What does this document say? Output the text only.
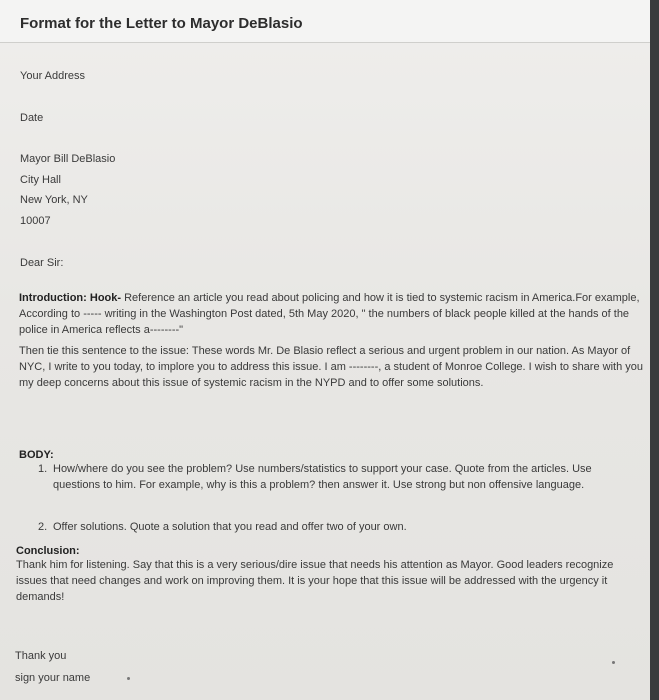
Format for the Letter to Mayor DeBlasio
Your Address
Date
Mayor Bill DeBlasio
City Hall
New York, NY
10007
Dear Sir:
Introduction: Hook- Reference an article you read about policing and how it is tied to systemic racism in America.For example, According to ----- writing in the Washington Post dated, 5th May 2020, " the numbers of black people killed at the hands of the police in America reflects a--------"
Then tie this sentence to the issue: These words Mr. De Blasio reflect a serious and urgent problem in our nation. As Mayor of NYC, I write to you today, to implore you to address this issue. I am --------, a student of Monroe College. I wish to share with you my deep concerns about this issue of systemic racism in the NYPD and to offer some solutions.
BODY:
1. How/where do you see the problem? Use numbers/statistics to support your case. Quote from the articles. Use questions to him. For example, why is this a problem? then answer it. Use strong but non offensive language.
2. Offer solutions. Quote a solution that you read and offer two of your own.
Conclusion:
Thank him for listening. Say that this is a very serious/dire issue that needs his attention as Mayor. Good leaders recognize issues that need changes and work on improving them. It is your hope that this issue will be addressed with the urgency it demands!
Thank you
sign your name
